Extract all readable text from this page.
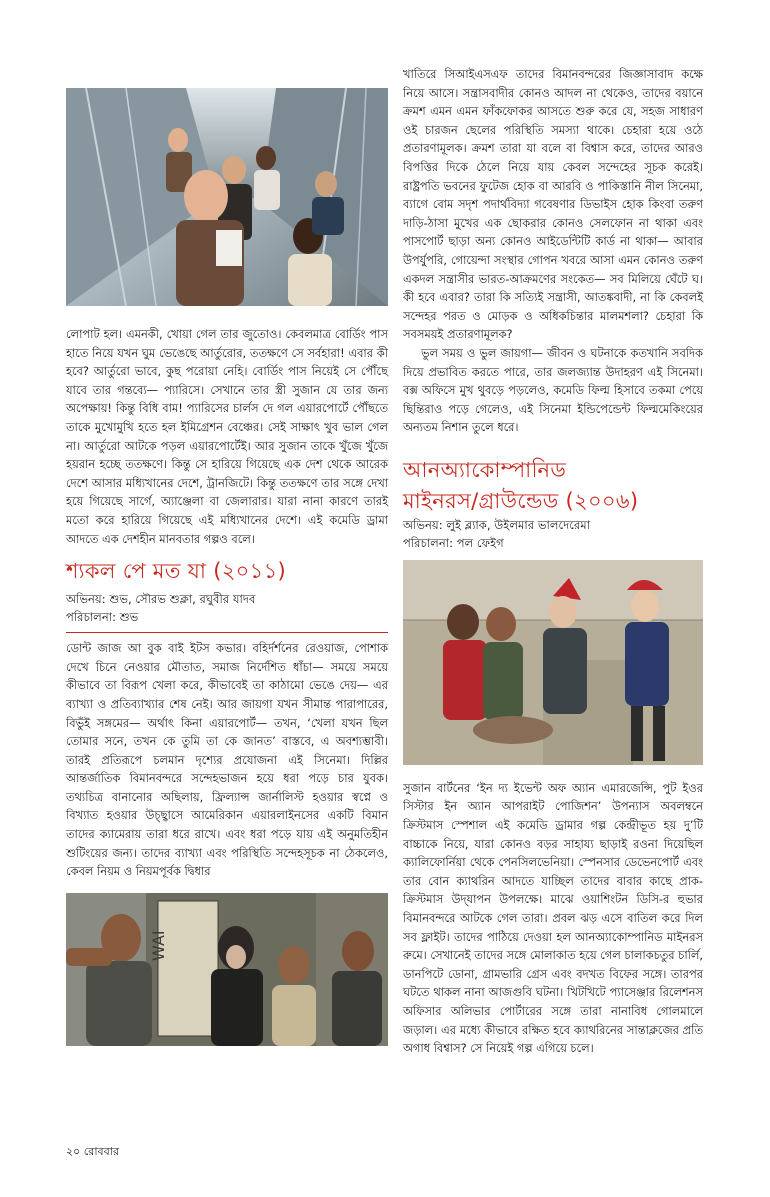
লোপাট হল। এমনকী, খোয়া গেল তার জুতোও। কেবলমাত্র বোর্ডিং পাস হাতে নিয়ে যখন ঘুম ভেঙেছে আর্তুরোর, ততক্ষণে সে সর্বহারা! এবার কী হবে? আর্তুরো ভাবে, কুছ পরোয়া নেহি। বোর্ডিং পাস নিয়েই সে পৌঁছে যাবে তার গন্তব্যে— প্যারিসে। সেখানে তার স্ত্রী সুজান যে তার জন্য অপেক্ষায়! কিন্তু বিধি বাম! প্যারিসের চার্লস দে গল এয়ারপোর্টে পৌঁছতে তাকে মুখোমুখি হতে হল ইমিগ্রেশন বেঞ্চের। সেই সাক্ষাৎ খুব ভাল গেল না। আর্তুরো আটকে পড়ল এয়ারপোর্টেই। আর সুজান তাকে খুঁজে খুঁজে হয়রান হচ্ছে ততক্ষণে। কিন্তু সে হারিয়ে গিয়েছে এক দেশ থেকে আরেক দেশে আসার মধ্যিখানের দেশে, ট্রানজিটে। কিন্তু ততক্ষণে তার সঙ্গে দেখা হয়ে গিয়েছে সার্গে, অ্যাঞ্জেলা বা জেলারার। যারা নানা কারণে তারই মতো করে হারিয়ে গিয়েছে এই মধ্যিখানের দেশে। এই কমেডি ড্রামা আদতে এক দেশহীন মানবতার গল্পও বলে।

শ্যকল পে মত যা (২০১১)
অভিনয়: শুভ, সৌরভ শুক্লা, রঘুবীর যাদব
পরিচালনা: শুভ

ডোন্ট জাজ আ বুক বাই ইটস কভার। বহির্দর্শনের রেওয়াজ, পোশাক দেখে চিনে নেওয়ার মৌতাত, সমাজ নির্দেশিত ধাঁচা— সময়ে সময়ে কীভাবে তা বিরূপ খেলা করে, কীভাবেই তা কাঠামো ভেঙে দেয়— এর ব্যাখ্যা ও প্রতিব্যাখ্যার শেষ নেই। আর জায়গা যখন সীমান্ত পারাপারের, বিভুঁই সঙ্গমের— অর্থাৎ কিনা এয়ারপোর্ট— তখন, ‘খেলা যখন ছিল তোমার সনে, তখন কে তুমি তা কে জানত’ বাস্তবে, এ অবশ্যম্ভাবী। তারই প্রতিরূপে চলমান দৃশ্যের প্রযোজনা এই সিনেমা। দিল্লির আন্তর্জাতিক বিমানবন্দরে সন্দেহভাজন হয়ে ধরা পড়ে চার যুবক। তথ্যচিত্র বানানোর অছিলায়, ফ্রিল্যান্স জার্নালিস্ট হওয়ার স্বপ্নে ও বিখ্যাত হওয়ার উচ্ছ্বাসে আমেরিকান এয়ারলাইনসের একটি বিমান তাদের ক্যামেরায় তারা ধরে রাখে। এবং ধরা পড়ে যায় এই অনুমতিহীন শুটিংয়ের জন্য। তাদের ব্যাখ্যা এবং পরিস্থিতি সন্দেহসূচক না ঠেকলেও, কেবল নিয়ম ও নিয়মপূর্বক দ্বিধার

WAI

খাতিরে সিআইএসএফ তাদের বিমানবন্দরের জিজ্ঞাসাবাদ কক্ষে নিয়ে আসে। সন্ত্রাসবাদীর কোনও আদল না থেকেও, তাদের বয়ানে ক্রমশ এমন এমন ফাঁকফোকর আসতে শুরু করে যে, সহজ সাধারণ ওই চারজন ছেলের পরিস্থিতি সমস্যা থাকে। চেহারা হয়ে ওঠে প্রতারণামূলক। ক্রমশ তারা যা বলে বা বিশ্বাস করে, তাদের আরও বিপত্তির দিকে ঠেলে নিয়ে যায় কেবল সন্দেহের সূচক করেই। রাষ্ট্রপতি ভবনের ফুটেজ হোক বা আরবি ও পাকিস্তানি নীল সিনেমা, ব্যাগে বোম সদৃশ পদার্থবিদ্যা গবেষণার ডিভাইস হোক কিংবা তরুণ দাড়ি-ঠাসা মুখের এক ছোকরার কোনও সেলফোন না থাকা এবং পাসপোর্ট ছাড়া অন্য কোনও আইডেন্টিটি কার্ড না থাকা— আবার উপর্যুপরি, গোয়েন্দা সংস্থার গোপন খবরে আসা এমন কোনও তরুণ একদল সন্ত্রাসীর ভারত-আক্রমণের সংকেত— সব মিলিয়ে ঘেঁটে ঘ। কী হবে এবার? তারা কি সত্যিই সন্ত্রাসী, আতঙ্কবাদী, না কি কেবলই সন্দেহর পরত ও মোড়ক ও অধিকচিন্তার মালমশলা? চেহারা কি সবসময়ই প্রতারণামূলক?

ভুল সময় ও ভুল জায়গা— জীবন ও ঘটনাকে কতখানি সবদিক দিয়ে প্রভাবিত করতে পারে, তার জলজ্যান্ত উদাহরণ এই সিনেমা। বক্স অফিসে মুখ থুবড়ে পড়লেও, কমেডি ফিল্ম হিসাবে তকমা পেয়ে ছিন্তিরাও পড়ে গেলেও, এই সিনেমা ইন্ডিপেন্ডেন্ট ফিল্মমেকিংয়ের অন্যতম নিশান তুলে ধরে।

আনঅ্যাকোম্পানিড
মাইনরস/গ্রাউন্ডেড (২০০৬)
অভিনয়: লুই ব্ল্যাক, উইলমার ভালদেরেমা
পরিচালনা: পল ফেইগ

সুজান বার্টনের ‘ইন দ্য ইভেন্ট অফ অ্যান এমারজেন্সি, পুট ইওর সিস্টার ইন অ্যান আপরাইট পোজিশন’ উপন্যাস অবলম্বনে ক্রিস্টমাস স্পেশাল এই কমেডি ড্রামার গল্প কেন্দ্রীভূত হয় দু’টি বাচ্চাকে নিয়ে, যারা কোনও বড়র সাহায্য ছাড়াই রওনা দিয়েছিল ক্যালিফোর্নিয়া থেকে পেনসিলভেনিয়া। স্পেনসার ডেভেনপোর্ট এবং তার বোন ক্যাথরিন আদতে যাচ্ছিল তাদের বাবার কাছে প্রাক-ক্রিস্টমাস উদ্‌যাপন উপলক্ষে। মাঝে ওয়াশিংটন ডিসি-র হুভার বিমানবন্দরে আটকে গেল তারা। প্রবল ঝড় এসে বাতিল করে দিল সব ফ্লাইট। তাদের পাঠিয়ে দেওয়া হল আনঅ্যাকোম্পানিড মাইনরস রুমে। সেখানেই তাদের সঙ্গে মোলাকাত হয়ে গেল চালাকচতুর চার্লি, ডানপিটে ডোনা, গ্রামভারি গ্রেস এবং বদখত বিফের সঙ্গে। তারপর ঘটতে থাকল নানা আজগুবি ঘটনা। খিটখিটে প্যাসেঞ্জার রিলেশনস অফিসার অলিভার পোর্টারের সঙ্গে তারা নানাবিধ গোলমালে জড়াল। এর মধ্যে কীভাবে রক্ষিত হবে ক্যাথরিনের সান্তাক্লজের প্রতি অগাধ বিশ্বাস? সে নিয়েই গল্প এগিয়ে চলে।

২০ রোববার
